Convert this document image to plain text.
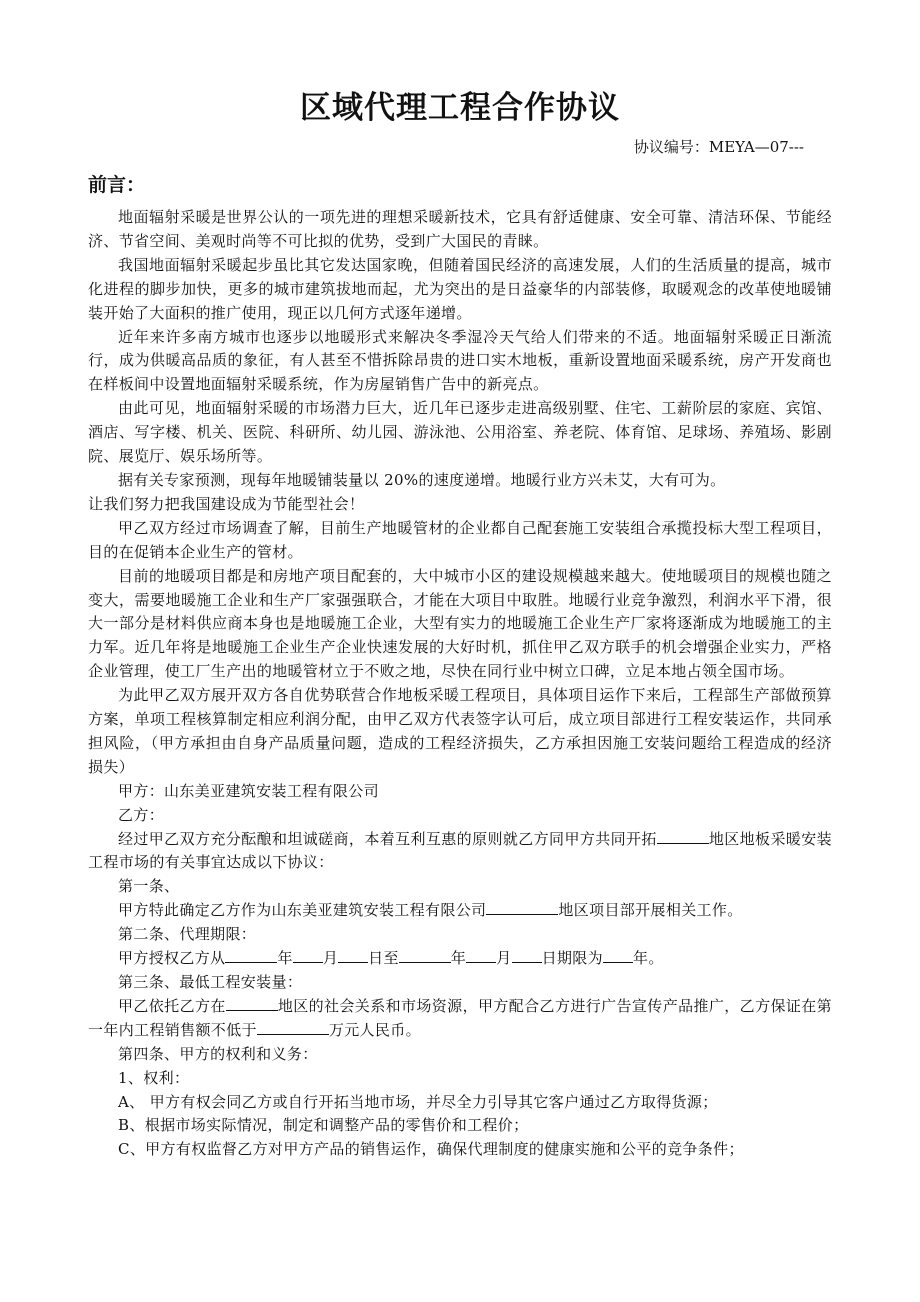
区域代理工程合作协议
协议编号：MEYA—07---
前言：

地面辐射采暖是世界公认的一项先进的理想采暖新技术，它具有舒适健康、安全可靠、清洁环保、节能经济、节省空间、美观时尚等不可比拟的优势，受到广大国民的青睐。

我国地面辐射采暖起步虽比其它发达国家晚，但随着国民经济的高速发展，人们的生活质量的提高，城市化进程的脚步加快，更多的城市建筑拔地而起，尤为突出的是日益豪华的内部装修，取暖观念的改革使地暖铺装开始了大面积的推广使用，现正以几何方式逐年递增。

近年来许多南方城市也逐步以地暖形式来解决冬季湿冷天气给人们带来的不适。地面辐射采暖正日渐流行，成为供暖高品质的象征，有人甚至不惜拆除昂贵的进口实木地板，重新设置地面采暖系统，房产开发商也在样板间中设置地面辐射采暖系统，作为房屋销售广告中的新亮点。

由此可见，地面辐射采暖的市场潜力巨大，近几年已逐步走进高级别墅、住宅、工薪阶层的家庭、宾馆、酒店、写字楼、机关、医院、科研所、幼儿园、游泳池、公用浴室、养老院、体育馆、足球场、养殖场、影剧院、展览厅、娱乐场所等。

据有关专家预测，现每年地暖铺装量以 20%的速度递增。地暖行业方兴未艾，大有可为。

让我们努力把我国建设成为节能型社会！

甲乙双方经过市场调查了解，目前生产地暖管材的企业都自己配套施工安装组合承揽投标大型工程项目，目的在促销本企业生产的管材。

目前的地暖项目都是和房地产项目配套的，大中城市小区的建设规模越来越大。使地暖项目的规模也随之变大，需要地暖施工企业和生产厂家强强联合，才能在大项目中取胜。地暖行业竞争激烈，利润水平下滑，很大一部分是材料供应商本身也是地暖施工企业，大型有实力的地暖施工企业生产厂家将逐渐成为地暖施工的主力军。近几年将是地暖施工企业生产企业快速发展的大好时机，抓住甲乙双方联手的机会增强企业实力，严格企业管理，使工厂生产出的地暖管材立于不败之地，尽快在同行业中树立口碑，立足本地占领全国市场。

为此甲乙双方展开双方各自优势联营合作地板采暖工程项目，具体项目运作下来后，工程部生产部做预算方案，单项工程核算制定相应利润分配，由甲乙双方代表签字认可后，成立项目部进行工程安装运作，共同承担风险，（甲方承担由自身产品质量问题，造成的工程经济损失，乙方承担因施工安装问题给工程造成的经济损失）

甲方：山东美亚建筑安装工程有限公司

乙方：

经过甲乙双方充分酝酿和坦诚磋商，本着互利互惠的原则就乙方同甲方共同开拓	地区地板采暖安装工程市场的有关事宜达成以下协议：

第一条、

甲方特此确定乙方作为山东美亚建筑安装工程有限公司	地区项目部开展相关工作。

第二条、代理期限：

甲方授权乙方从	年 月 日至	年 月 日期限为 年。

第三条、最低工程安装量：

甲乙依托乙方在	地区的社会关系和市场资源，甲方配合乙方进行广告宣传产品推广，乙方保证在第一年内工程销售额不低于	万元人民币。

第四条、甲方的权利和义务：

1、权利：

A、 甲方有权会同乙方或自行开拓当地市场，并尽全力引导其它客户通过乙方取得货源；

B、根据市场实际情况，制定和调整产品的零售价和工程价；

C、甲方有权监督乙方对甲方产品的销售运作，确保代理制度的健康实施和公平的竞争条件；
